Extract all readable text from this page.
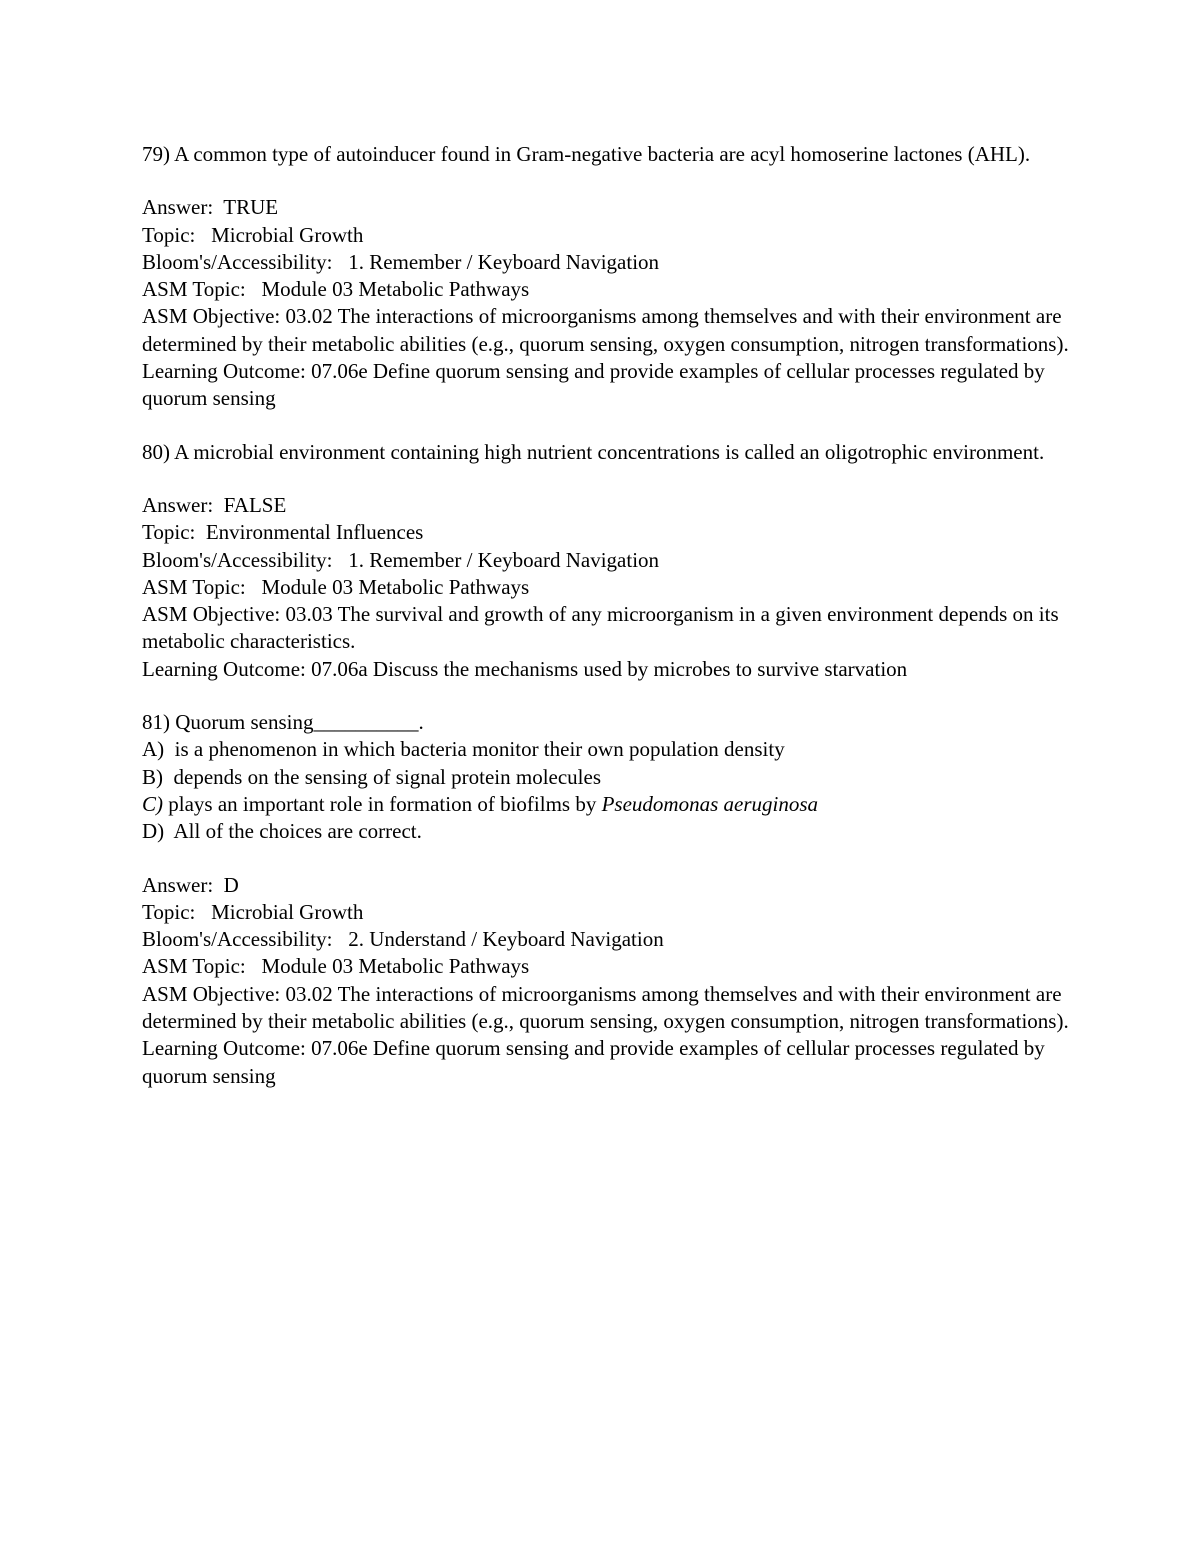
79) A common type of autoinducer found in Gram-negative bacteria are acyl homoserine lactones (AHL).

Answer:  TRUE

Topic:   Microbial Growth

Bloom's/Accessibility:   1. Remember / Keyboard Navigation

ASM Topic:   Module 03 Metabolic Pathways

ASM Objective: 03.02 The interactions of microorganisms among themselves and with their environment are determined by their metabolic abilities (e.g., quorum sensing, oxygen consumption, nitrogen transformations).

Learning Outcome: 07.06e Define quorum sensing and provide examples of cellular processes regulated by quorum sensing

80) A microbial environment containing high nutrient concentrations is called an oligotrophic environment.

Answer:  FALSE

Topic:  Environmental Influences

Bloom's/Accessibility:   1. Remember / Keyboard Navigation

ASM Topic:   Module 03 Metabolic Pathways

ASM Objective: 03.03 The survival and growth of any microorganism in a given environment depends on its metabolic characteristics.

Learning Outcome: 07.06a Discuss the mechanisms used by microbes to survive starvation

81) Quorum sensing__________.

A)  is a phenomenon in which bacteria monitor their own population density

B)  depends on the sensing of signal protein molecules

C) plays an important role in formation of biofilms by Pseudomonas aeruginosa

D)  All of the choices are correct.

Answer:  D

Topic:   Microbial Growth

Bloom's/Accessibility:   2. Understand / Keyboard Navigation

ASM Topic:   Module 03 Metabolic Pathways

ASM Objective: 03.02 The interactions of microorganisms among themselves and with their environment are determined by their metabolic abilities (e.g., quorum sensing, oxygen consumption, nitrogen transformations).

Learning Outcome: 07.06e Define quorum sensing and provide examples of cellular processes regulated by quorum sensing
